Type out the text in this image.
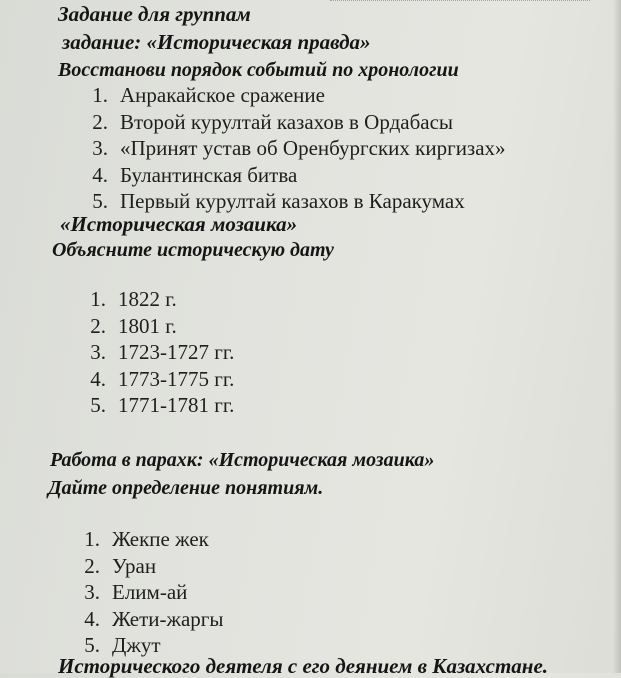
Задание для группам
задание: «Историческая правда»
Восстанови порядок событий по хронологии
1. Анракайское сражение
2. Второй курултай казахов в Ордабасы
3. «Принят устав об Оренбургских киргизах»
4. Булантинская битва
5. Первый курултай казахов в Каракумах
«Историческая мозаика»
Объясните историческую дату
1. 1822 г.
2. 1801 г.
3. 1723-1727 гг.
4. 1773-1775 гг.
5. 1771-1781 гг.
Работа в парахк: «Историческая мозаика»
Дайте определение понятиям.
1. Жекпе жек
2. Уран
3. Елим-ай
4. Жети-жаргы
5. Джут
Исторического деятеля с его деянием в Казахстане.
